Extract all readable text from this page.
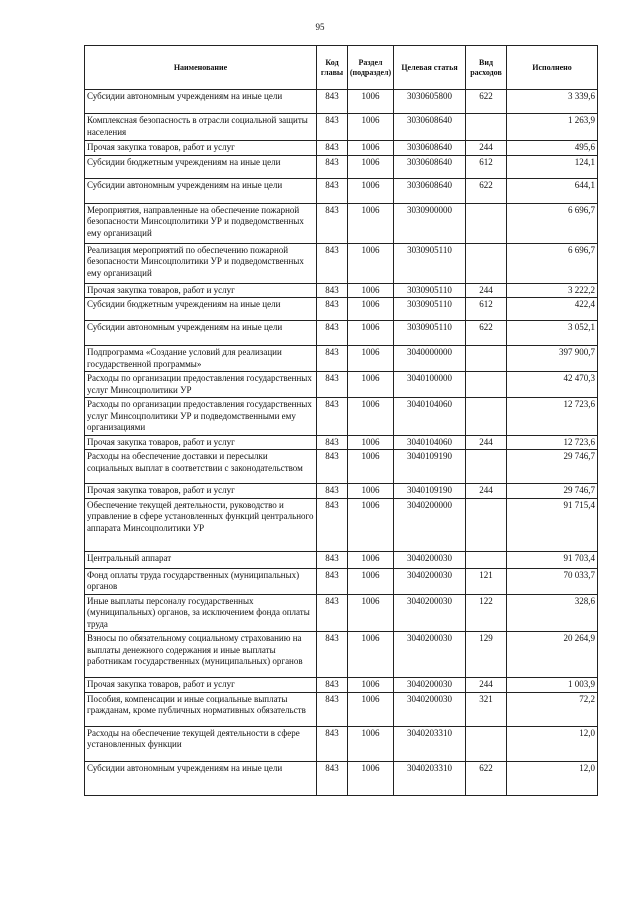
95
Наименование	Код главы	Раздел (подраздел)	Целевая статья	Вид расходов	Исполнено
Субсидии автономным учреждениям на иные цели	843	1006	3030605800	622	3 339,6
Комплексная безопасность в отрасли социальной защиты населения	843	1006	3030608640		1 263,9
Прочая закупка товаров, работ и услуг	843	1006	3030608640	244	495,6
Субсидии бюджетным учреждениям на иные цели	843	1006	3030608640	612	124,1
Субсидии автономным учреждениям на иные цели	843	1006	3030608640	622	644,1
Мероприятия, направленные на обеспечение пожарной безопасности Минсоцполитики УР и подведомственных ему организаций	843	1006	3030900000		6 696,7
Реализация мероприятий по обеспечению пожарной безопасности Минсоцполитики УР и подведомственных ему организаций	843	1006	3030905110		6 696,7
Прочая закупка товаров, работ и услуг	843	1006	3030905110	244	3 222,2
Субсидии бюджетным учреждениям на иные цели	843	1006	3030905110	612	422,4
Субсидии автономным учреждениям на иные цели	843	1006	3030905110	622	3 052,1
Подпрограмма «Создание условий для реализации государственной программы»	843	1006	3040000000		397 900,7
Расходы по организации предоставления государственных услуг Минсоцполитики УР	843	1006	3040100000		42 470,3
Расходы по организации предоставления государственных услуг Минсоцполитики УР и подведомственными ему организациями	843	1006	3040104060		12 723,6
Прочая закупка товаров, работ и услуг	843	1006	3040104060	244	12 723,6
Расходы на обеспечение доставки и пересылки социальных выплат в соответствии с законодательством	843	1006	3040109190		29 746,7
Прочая закупка товаров, работ и услуг	843	1006	3040109190	244	29 746,7
Обеспечение текущей деятельности, руководство и управление в сфере установленных функций центрального аппарата Минсоцполитики УР	843	1006	3040200000		91 715,4
Центральный аппарат	843	1006	3040200030		91 703,4
Фонд оплаты труда государственных (муниципальных) органов	843	1006	3040200030	121	70 033,7
Иные выплаты персоналу государственных (муниципальных) органов, за исключением фонда оплаты труда	843	1006	3040200030	122	328,6
Взносы по обязательному социальному страхованию на выплаты денежного содержания и иные выплаты работникам государственных (муниципальных) органов	843	1006	3040200030	129	20 264,9
Прочая закупка товаров, работ и услуг	843	1006	3040200030	244	1 003,9
Пособия, компенсации и иные социальные выплаты гражданам, кроме публичных нормативных обязательств	843	1006	3040200030	321	72,2
Расходы на обеспечение текущей деятельности в сфере установленных функции	843	1006	3040203310		12,0
Субсидии автономным учреждениям на иные цели	843	1006	3040203310	622	12,0
